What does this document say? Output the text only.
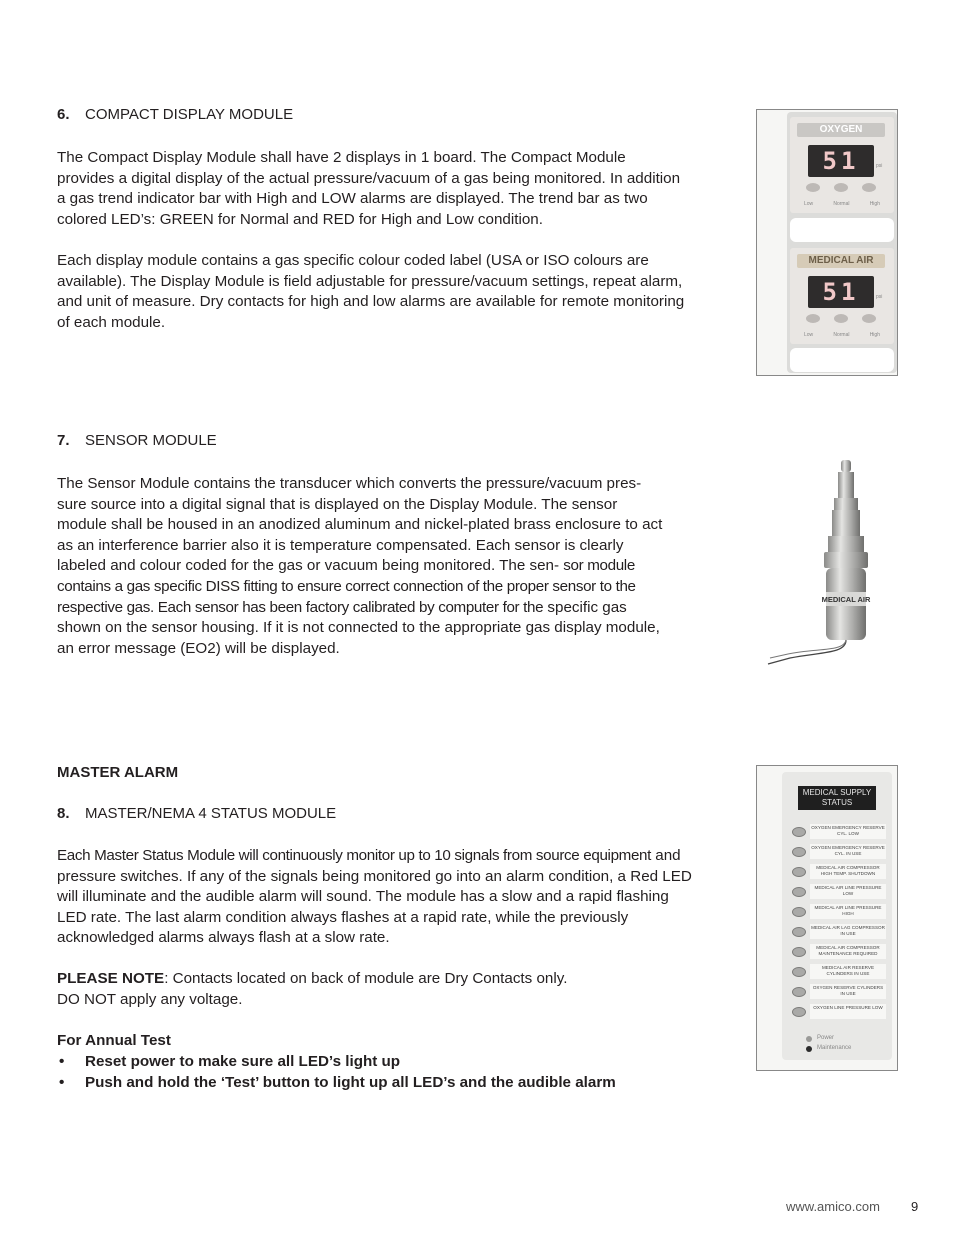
6. COMPACT DISPLAY MODULE
The Compact Display Module shall have 2 displays in 1 board. The Compact Module provides a digital display of the actual pressure/vacuum of a gas being monitored. In addition a gas trend indicator bar with High and LOW alarms are displayed. The trend bar as two colored LED’s: GREEN for Normal and RED for High and Low condition.
Each display module contains a gas specific colour coded label (USA or ISO colours are available). The Display Module is field adjustable for pressure/vacuum settings, repeat alarm, and unit of measure. Dry contacts for high and low alarms are available for remote monitoring of each module.
OXYGEN
51	psi
Low	Normal	High
MEDICAL AIR
51	psi
Low	Normal	High
7. SENSOR MODULE
The Sensor Module contains the transducer which converts the pressure/vacuum pres-sure source into a digital signal that is displayed on the Display Module. The sensor module shall be housed in an anodized aluminum and nickel-plated brass enclosure to act as an interference barrier also it is temperature compensated. Each sensor is clearly labeled and colour coded for the gas or vacuum being monitored. The sen- sor module contains a gas specific DISS fitting to ensure correct connection of the proper sensor to the respective gas. Each sensor has been factory calibrated by computer for the specific gas shown on the sensor housing. If it is not connected to the appropriate gas display module, an error message (EO2) will be displayed.
MEDICAL AIR
MASTER ALARM
8. MASTER/NEMA 4 STATUS MODULE
Each Master Status Module will continuously monitor up to 10 signals from source equipment and pressure switches. If any of the signals being monitored go into an alarm condition, a Red LED will illuminate and the audible alarm will sound. The module has a slow and a rapid flashing LED rate. The last alarm condition always flashes at a rapid rate, while the previously acknowledged alarms always flash at a slow rate.
PLEASE NOTE: Contacts located on back of module are Dry Contacts only.
DO NOT apply any voltage.
For Annual Test
• Reset power to make sure all LED’s light up
• Push and hold the ‘Test’ button to light up all LED’s and the audible alarm
MEDICAL SUPPLY STATUS
OXYGEN EMERGENCY RESERVE CYL. LOW
OXYGEN EMERGENCY RESERVE CYL. IN USE
MEDICAL AIR COMPRESSOR HIGH TEMP. SHUTDOWN
MEDICAL AIR LINE PRESSURE LOW
MEDICAL AIR LINE PRESSURE HIGH
MEDICAL AIR LAG COMPRESSOR IN USE
MEDICAL AIR COMPRESSOR MAINTENANCE REQUIRED
MEDICAL AIR RESERVE CYLINDERS IN USE
OXYGEN RESERVE CYLINDERS IN USE
OXYGEN LINE PRESSURE LOW
Power
Maintenance
www.amico.com 9
